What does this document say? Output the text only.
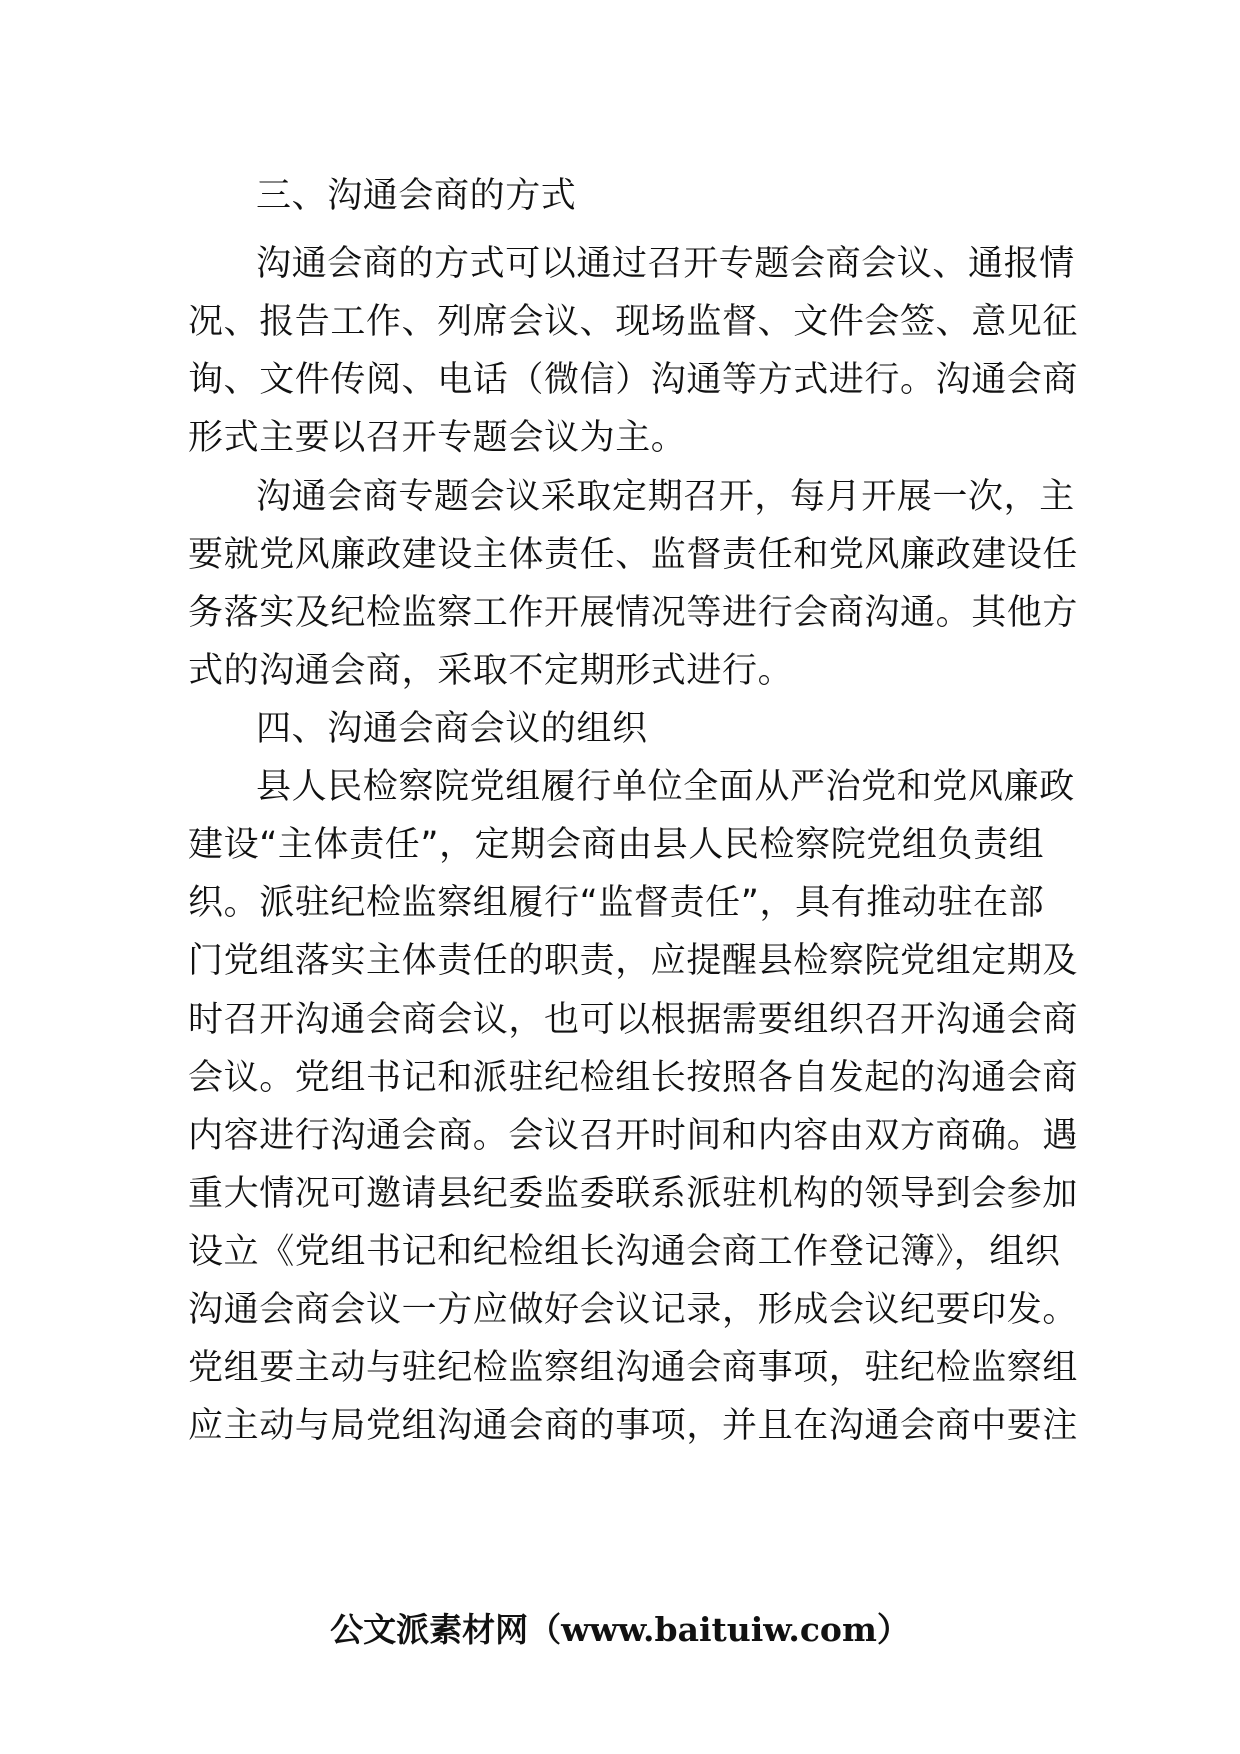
三、沟通会商的方式
沟通会商的方式可以通过召开专题会商会议、通报情
况、报告工作、列席会议、现场监督、文件会签、意见征
询、文件传阅、电话（微信）沟通等方式进行。沟通会商
形式主要以召开专题会议为主。
沟通会商专题会议采取定期召开，每月开展一次，主
要就党风廉政建设主体责任、监督责任和党风廉政建设任
务落实及纪检监察工作开展情况等进行会商沟通。其他方
式的沟通会商，采取不定期形式进行。
四、沟通会商会议的组织
县人民检察院党组履行单位全面从严治党和党风廉政
建设“主体责任”，定期会商由县人民检察院党组负责组
织。派驻纪检监察组履行“监督责任”，具有推动驻在部
门党组落实主体责任的职责，应提醒县检察院党组定期及
时召开沟通会商会议，也可以根据需要组织召开沟通会商
会议。党组书记和派驻纪检组长按照各自发起的沟通会商
内容进行沟通会商。会议召开时间和内容由双方商确。遇
重大情况可邀请县纪委监委联系派驻机构的领导到会参加
设立《党组书记和纪检组长沟通会商工作登记簿》，组织
沟通会商会议一方应做好会议记录，形成会议纪要印发。
党组要主动与驻纪检监察组沟通会商事项，驻纪检监察组
应主动与局党组沟通会商的事项，并且在沟通会商中要注
公文派素材网（www.baituiw.com）
